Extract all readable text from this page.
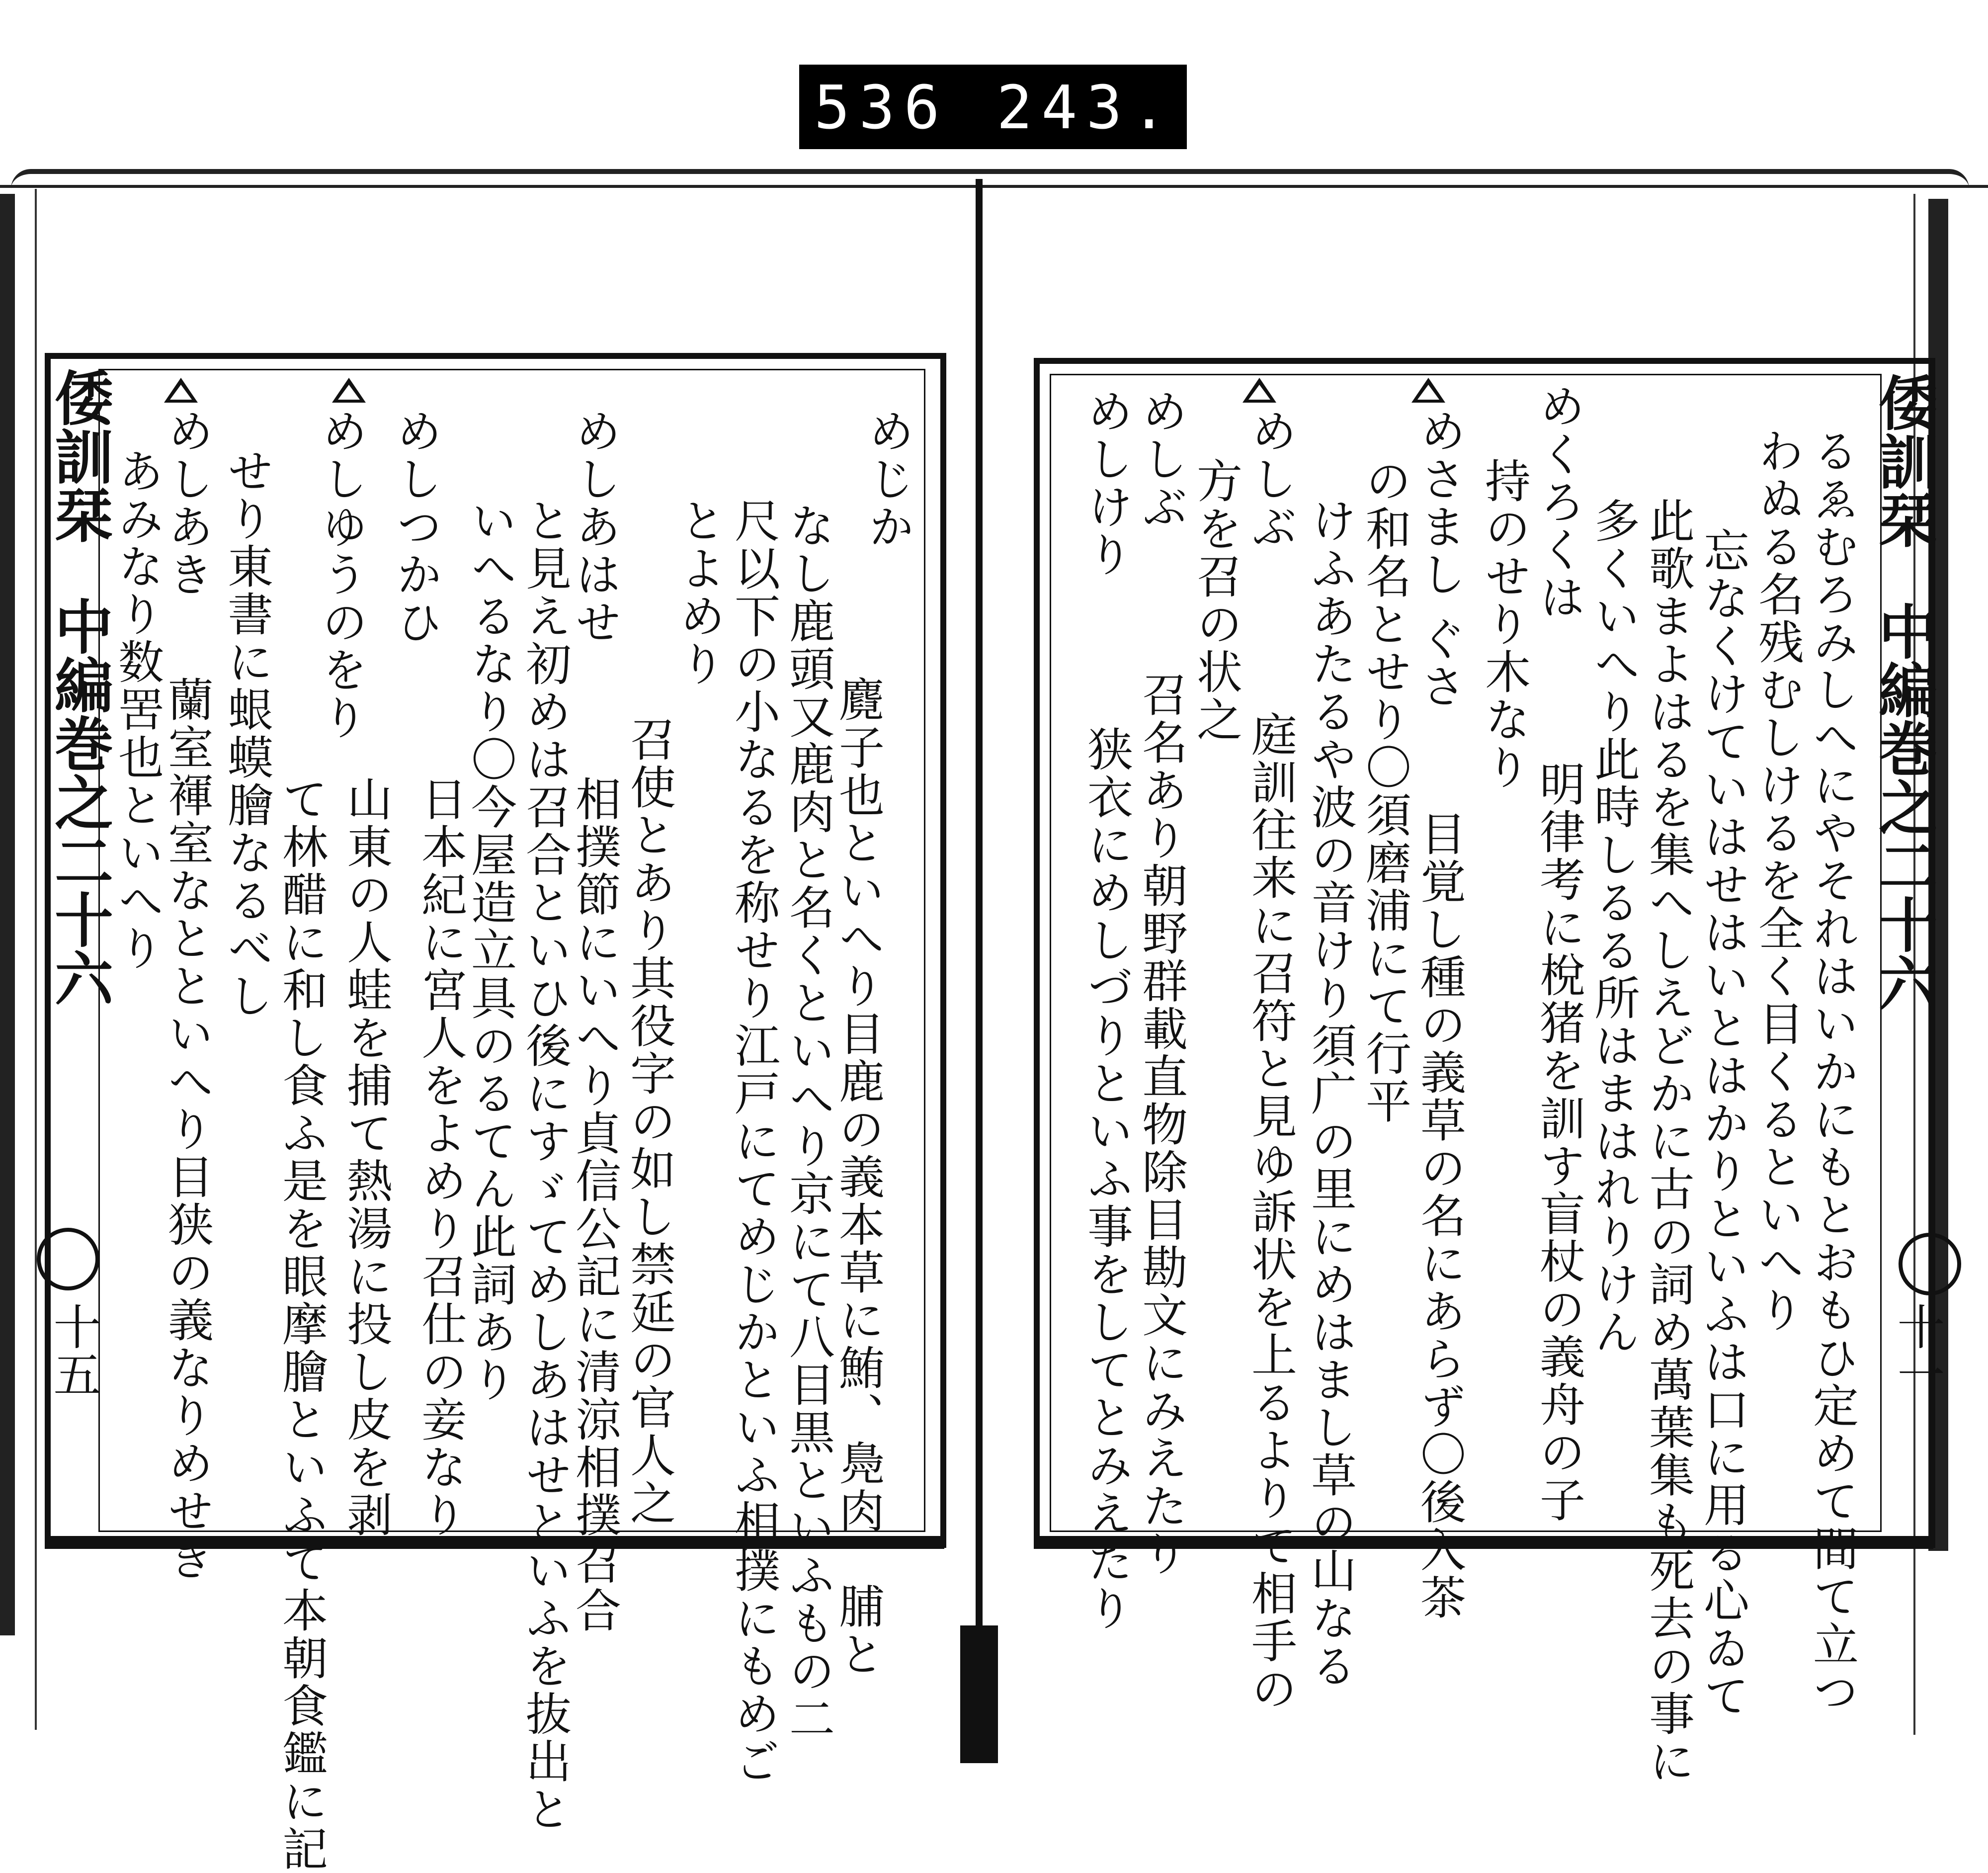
536 243.
倭訓栞
中編巻之二十六
十五
めじか
麑子也といへり目鹿の義本草に鮪、鳧肉、脯と
なし鹿頭又鹿肉と名くといへり京にて八目黒といふもの二
尺以下の小なるを称せり江戸にてめじかといふ相撲にもめご
とよめり
召使とあり其役字の如し禁延の官人之
めしあはせ
相撲節にいへり貞信公記に清涼相撲召合
と見え初めは召合といひ後にすゞてめしあはせといふを抜出と
いへるなり〇今屋造立具のるてん此詞あり
日本紀に宮人をよめり召仕の妾なり
めしつかひ
山東の人蛙を捕て熱湯に投し皮を剥
めしゆうのをり
て林醋に和し食ふ是を眼摩膾といふて本朝食鑑に記
せり東書に蛝蟆膾なるべし
めしあき
蘭室褌室なとといへり目狭の義なりめせき
あみなり数罟也といへり	倭訓栞
中編巻之二十六
十一
るゑむろみしへにやそれはいかにもとおもひ定めて間て立つ
わぬる名残むしけるを全く目くるといへり
忘なくけていはせはいとはかりといふは口に用る心ゐて
此歌まよはるを集へしえどかに古の詞め萬葉集も死去の事に
多くいへり此時しるる所はまはれりけん
めくろくは
明律考に梲猪を訓す盲杖の義舟の子
持のせり木なり
めさまし ぐさ
目覚し種の義草の名にあらず〇後入茶
の和名とせり〇須磨浦にて行平
けふあたるや波の音けり須广の里にめはまし草の山なる
めしぶ
庭訓往来に召符と見ゆ訴状を上るよりて相手の
方を召の状之
めしぶ
召名あり朝野群載直物除目勘文にみえたり
めしけり
狭衣にめしづりといふ事をしてとみえたり
